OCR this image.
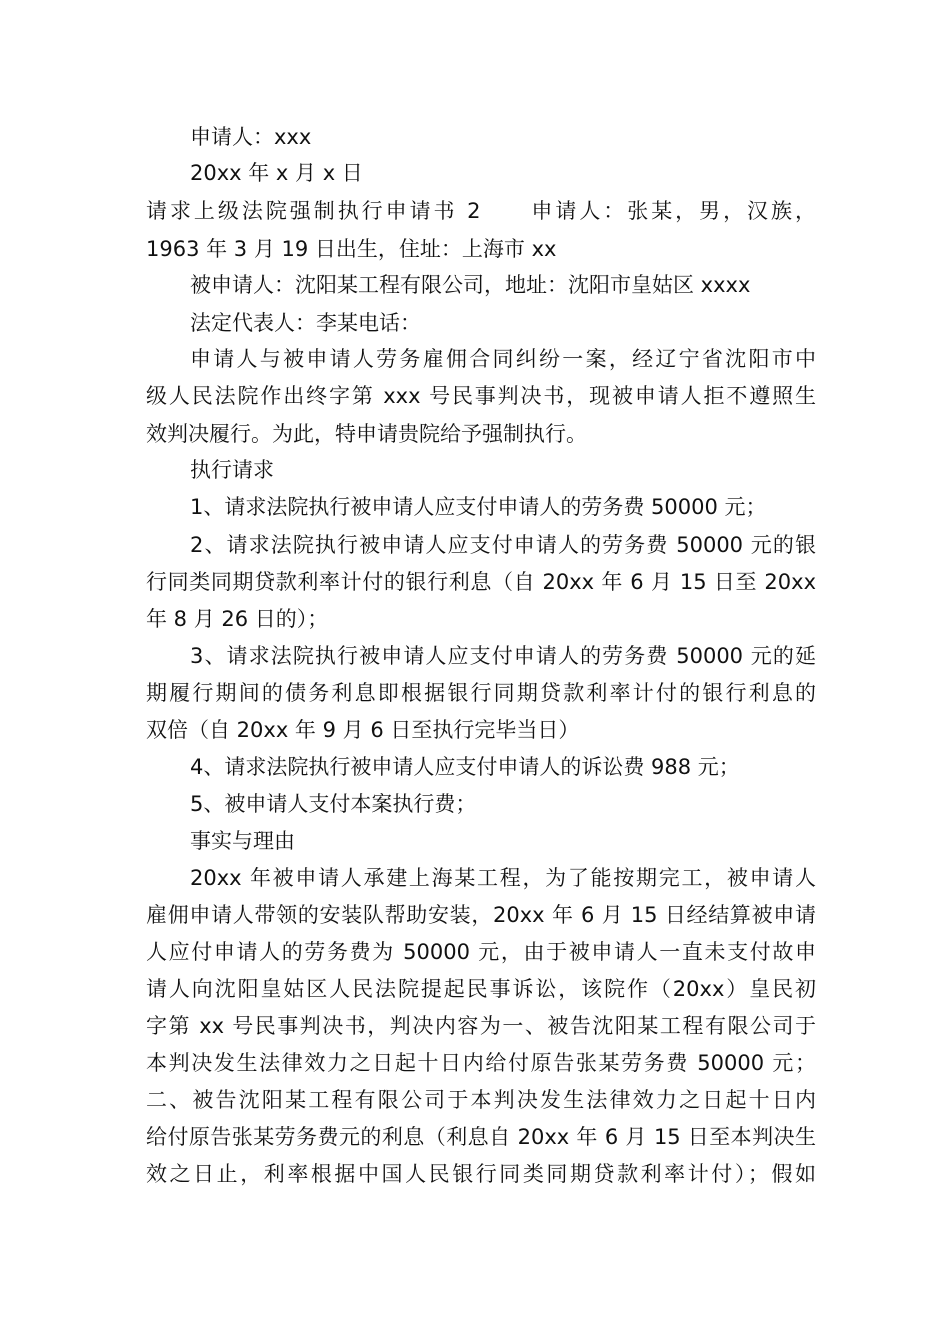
申请人：xxx
20xx 年 x 月 x 日
请求上级法院强制执行申请书 2　　申请人：张某，男，汉族，
1963 年 3 月 19 日出生，住址：上海市 xx
被申请人：沈阳某工程有限公司，地址：沈阳市皇姑区 xxxx
法定代表人：李某电话：
申请人与被申请人劳务雇佣合同纠纷一案，经辽宁省沈阳市中
级人民法院作出终字第 xxx 号民事判决书，现被申请人拒不遵照生
效判决履行。为此，特申请贵院给予强制执行。
执行请求
1、请求法院执行被申请人应支付申请人的劳务费 50000 元；
2、请求法院执行被申请人应支付申请人的劳务费 50000 元的银
行同类同期贷款利率计付的银行利息（自 20xx 年 6 月 15 日至 20xx
年 8 月 26 日的）；
3、请求法院执行被申请人应支付申请人的劳务费 50000 元的延
期履行期间的债务利息即根据银行同期贷款利率计付的银行利息的
双倍（自 20xx 年 9 月 6 日至执行完毕当日）
4、请求法院执行被申请人应支付申请人的诉讼费 988 元；
5、被申请人支付本案执行费；
事实与理由
20xx 年被申请人承建上海某工程，为了能按期完工，被申请人
雇佣申请人带领的安装队帮助安装，20xx 年 6 月 15 日经结算被申请
人应付申请人的劳务费为 50000 元，由于被申请人一直未支付故申
请人向沈阳皇姑区人民法院提起民事诉讼，该院作（20xx）皇民初
字第 xx 号民事判决书，判决内容为一、被告沈阳某工程有限公司于
本判决发生法律效力之日起十日内给付原告张某劳务费 50000 元；
二、被告沈阳某工程有限公司于本判决发生法律效力之日起十日内
给付原告张某劳务费元的利息（利息自 20xx 年 6 月 15 日至本判决生
效之日止，利率根据中国人民银行同类同期贷款利率计付）；假如
